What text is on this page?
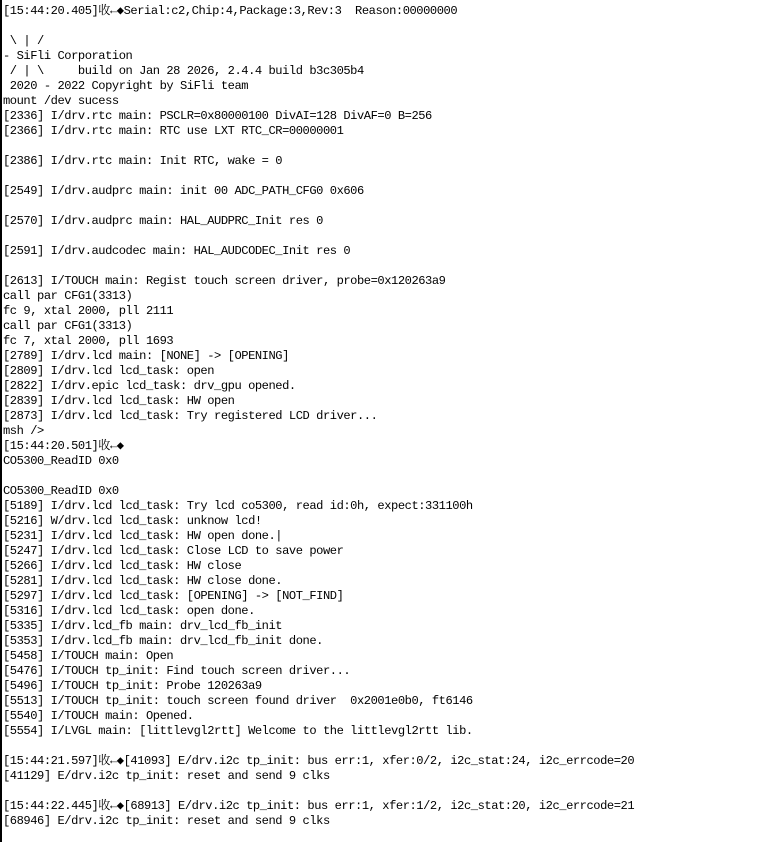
[15:44:20.405]收←◆Serial:c2,Chip:4,Package:3,Rev:3  Reason:00000000
\ | /
- SiFli Corporation
/ | \     build on Jan 28 2026, 2.4.4 build b3c305b4
2020 - 2022 Copyright by SiFli team
mount /dev sucess
[2336] I/drv.rtc main: PSCLR=0x80000100 DivAI=128 DivAF=0 B=256
[2366] I/drv.rtc main: RTC use LXT RTC_CR=00000001
[2386] I/drv.rtc main: Init RTC, wake = 0
[2549] I/drv.audprc main: init 00 ADC_PATH_CFG0 0x606
[2570] I/drv.audprc main: HAL_AUDPRC_Init res 0
[2591] I/drv.audcodec main: HAL_AUDCODEC_Init res 0
[2613] I/TOUCH main: Regist touch screen driver, probe=0x120263a9
call par CFG1(3313)
fc 9, xtal 2000, pll 2111
call par CFG1(3313)
fc 7, xtal 2000, pll 1693
[2789] I/drv.lcd main: [NONE] -> [OPENING]
[2809] I/drv.lcd lcd_task: open
[2822] I/drv.epic lcd_task: drv_gpu opened.
[2839] I/drv.lcd lcd_task: HW open
[2873] I/drv.lcd lcd_task: Try registered LCD driver...
msh />
[15:44:20.501]收←◆
CO5300_ReadID 0x0
CO5300_ReadID 0x0
[5189] I/drv.lcd lcd_task: Try lcd co5300, read id:0h, expect:331100h
[5216] W/drv.lcd lcd_task: unknow lcd!
[5231] I/drv.lcd lcd_task: HW open done.|
[5247] I/drv.lcd lcd_task: Close LCD to save power
[5266] I/drv.lcd lcd_task: HW close
[5281] I/drv.lcd lcd_task: HW close done.
[5297] I/drv.lcd lcd_task: [OPENING] -> [NOT_FIND]
[5316] I/drv.lcd lcd_task: open done.
[5335] I/drv.lcd_fb main: drv_lcd_fb_init
[5353] I/drv.lcd_fb main: drv_lcd_fb_init done.
[5458] I/TOUCH main: Open
[5476] I/TOUCH tp_init: Find touch screen driver...
[5496] I/TOUCH tp_init: Probe 120263a9
[5513] I/TOUCH tp_init: touch screen found driver  0x2001e0b0, ft6146
[5540] I/TOUCH main: Opened.
[5554] I/LVGL main: [littlevgl2rtt] Welcome to the littlevgl2rtt lib.
[15:44:21.597]收←◆[41093] E/drv.i2c tp_init: bus err:1, xfer:0/2, i2c_stat:24, i2c_errcode=20
[41129] E/drv.i2c tp_init: reset and send 9 clks
[15:44:22.445]收←◆[68913] E/drv.i2c tp_init: bus err:1, xfer:1/2, i2c_stat:20, i2c_errcode=21
[68946] E/drv.i2c tp_init: reset and send 9 clks
